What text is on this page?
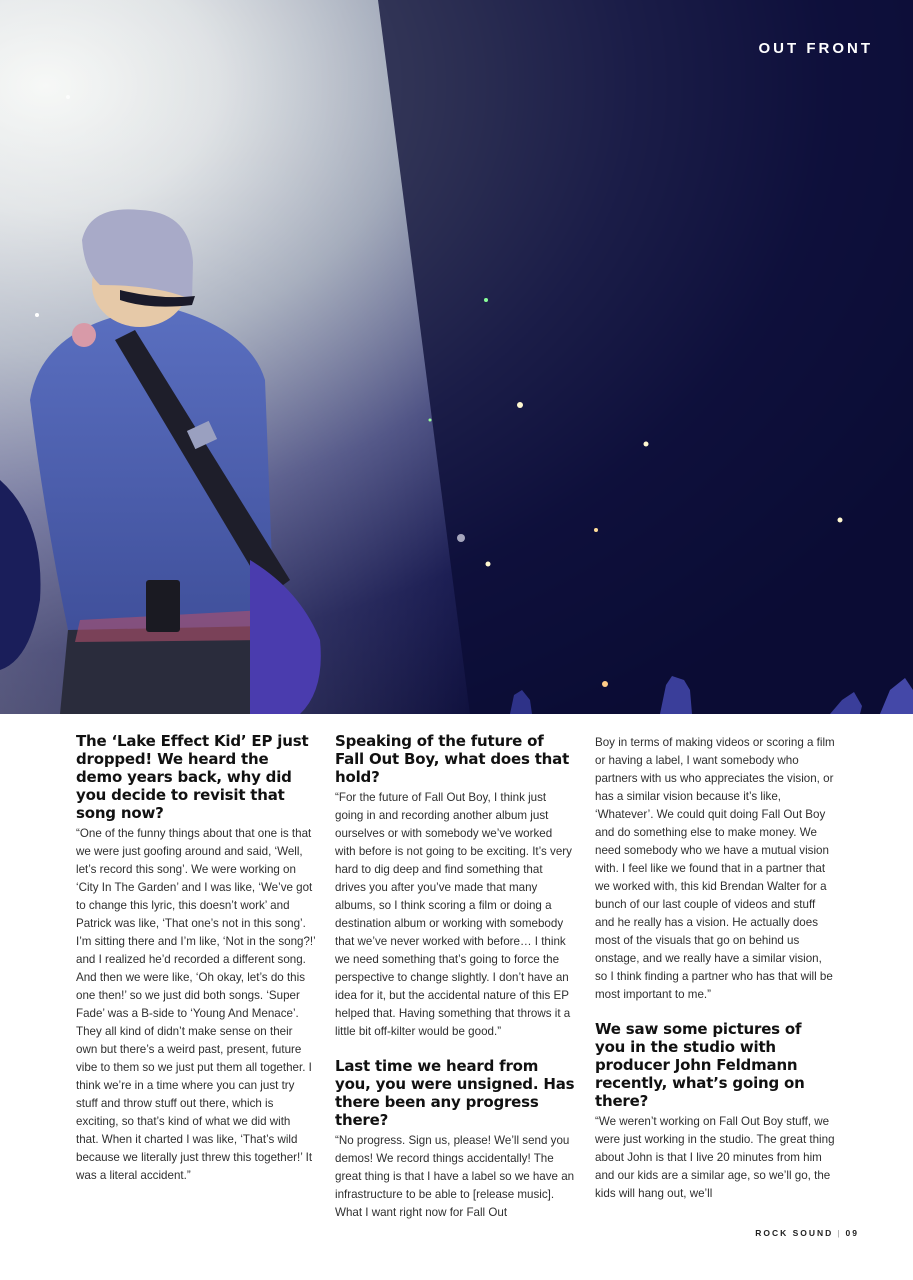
OUT FRONT
The ‘Lake Effect Kid’ EP just dropped! We heard the demo years back, why did you decide to revisit that song now?

“One of the funny things about that one is that we were just goofing around and said, ‘Well, let’s record this song’. We were working on ‘City In The Garden’ and I was like, ‘We’ve got to change this lyric, this doesn’t work’ and Patrick was like, ‘That one’s not in this song’. I’m sitting there and I’m like, ‘Not in the song?!’ and I realized he’d recorded a different song. And then we were like, ‘Oh okay, let’s do this one then!’ so we just did both songs. ‘Super Fade’ was a B-side to ‘Young And Menace’. They all kind of didn’t make sense on their own but there’s a weird past, present, future vibe to them so we just put them all together. I think we’re in a time where you can just try stuff and throw stuff out there, which is exciting, so that’s kind of what we did with that. When it charted I was like, ‘That’s wild because we literally just threw this together!’ It was a literal accident.”

Speaking of the future of Fall Out Boy, what does that hold?

“For the future of Fall Out Boy, I think just going in and recording another album just ourselves or with somebody we’ve worked with before is not going to be exciting. It’s very hard to dig deep and find something that drives you after you’ve made that many albums, so I think scoring a film or doing a destination album or working with somebody that we’ve never worked with before… I think we need something that’s going to force the perspective to change slightly. I don’t have an idea for it, but the accidental nature of this EP helped that. Having something that throws it a little bit off-kilter would be good.”

Last time we heard from you, you were unsigned. Has there been any progress there?

“No progress. Sign us, please! We’ll send you demos! We record things accidentally! The great thing is that I have a label so we have an infrastructure to be able to [release music]. What I want right now for Fall Out

Boy in terms of making videos or scoring a film or having a label, I want somebody who partners with us who appreciates the vision, or has a similar vision because it’s like, ‘Whatever’. We could quit doing Fall Out Boy and do something else to make money. We need somebody who we have a mutual vision with. I feel like we found that in a partner that we worked with, this kid Brendan Walter for a bunch of our last couple of videos and stuff and he really has a vision. He actually does most of the visuals that go on behind us onstage, and we really have a similar vision, so I think finding a partner who has that will be most important to me.”

We saw some pictures of you in the studio with producer John Feldmann recently, what’s going on there?

“We weren’t working on Fall Out Boy stuff, we were just working in the studio. The great thing about John is that I live 20 minutes from him and our kids are a similar age, so we’ll go, the kids will hang out, we’ll

ROCK SOUND | 09
